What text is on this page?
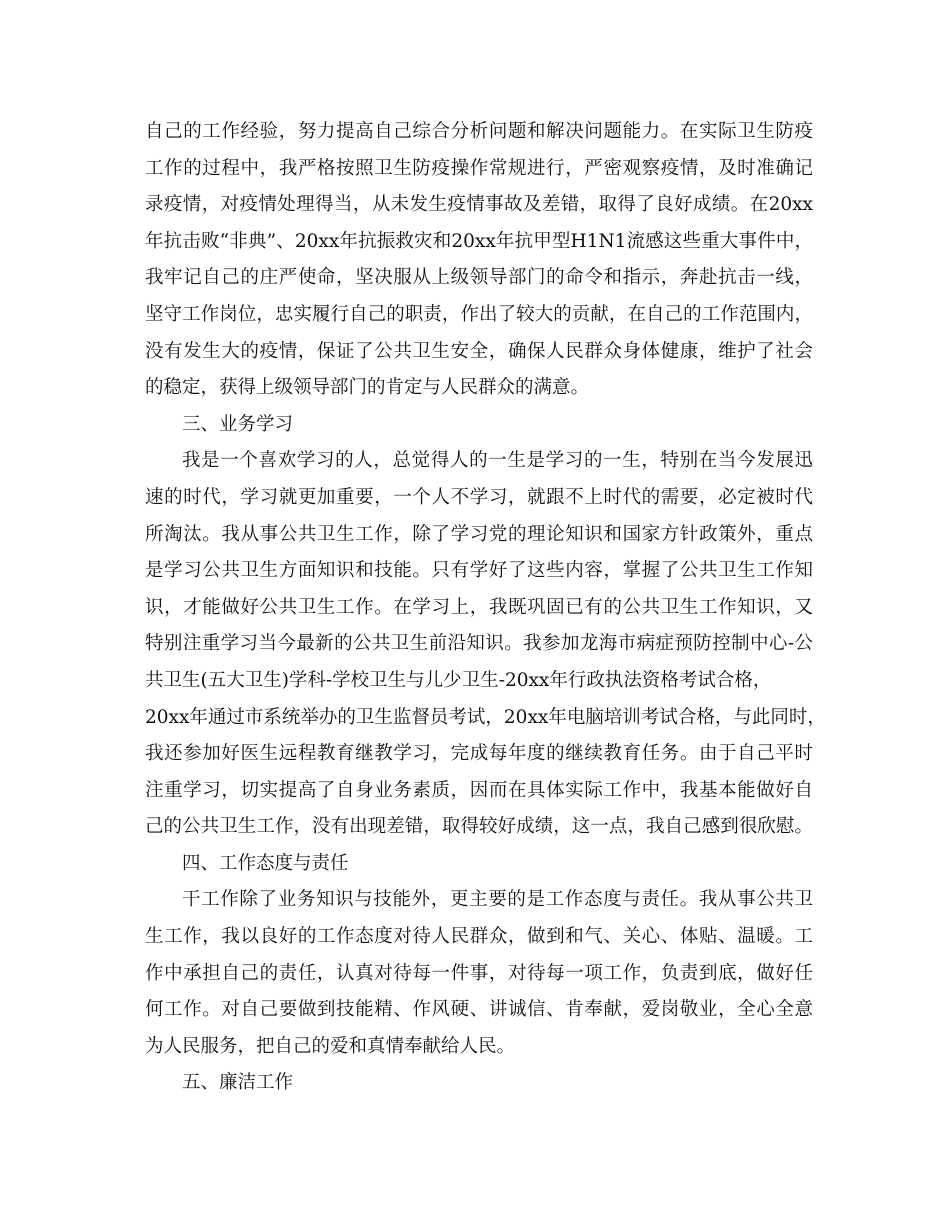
自己的工作经验，努力提高自己综合分析问题和解决问题能力。在实际卫生防疫
工作的过程中，我严格按照卫生防疫操作常规进行，严密观察疫情，及时准确记
录疫情，对疫情处理得当，从未发生疫情事故及差错，取得了良好成绩。在20xx
年抗击败“非典”、20xx年抗振救灾和20xx年抗甲型H1N1流感这些重大事件中，
我牢记自己的庄严使命，坚决服从上级领导部门的命令和指示，奔赴抗击一线，
坚守工作岗位，忠实履行自己的职责，作出了较大的贡献，在自己的工作范围内，
没有发生大的疫情，保证了公共卫生安全，确保人民群众身体健康，维护了社会
的稳定，获得上级领导部门的肯定与人民群众的满意。
三、业务学习
我是一个喜欢学习的人，总觉得人的一生是学习的一生，特别在当今发展迅
速的时代，学习就更加重要，一个人不学习，就跟不上时代的需要，必定被时代
所淘汰。我从事公共卫生工作，除了学习党的理论知识和国家方针政策外，重点
是学习公共卫生方面知识和技能。只有学好了这些内容，掌握了公共卫生工作知
识，才能做好公共卫生工作。在学习上，我既巩固已有的公共卫生工作知识，又
特别注重学习当今最新的公共卫生前沿知识。我参加龙海市病症预防控制中心-公
共卫生(五大卫生)学科-学校卫生与儿少卫生-20xx年行政执法资格考试合格，
20xx年通过市系统举办的卫生监督员考试，20xx年电脑培训考试合格，与此同时，
我还参加好医生远程教育继教学习，完成每年度的继续教育任务。由于自己平时
注重学习，切实提高了自身业务素质，因而在具体实际工作中，我基本能做好自
己的公共卫生工作，没有出现差错，取得较好成绩，这一点，我自己感到很欣慰。
四、工作态度与责任
干工作除了业务知识与技能外，更主要的是工作态度与责任。我从事公共卫
生工作，我以良好的工作态度对待人民群众，做到和气、关心、体贴、温暖。工
作中承担自己的责任，认真对待每一件事，对待每一项工作，负责到底，做好任
何工作。对自己要做到技能精、作风硬、讲诚信、肯奉献，爱岗敬业，全心全意
为人民服务，把自己的爱和真情奉献给人民。
五、廉洁工作
